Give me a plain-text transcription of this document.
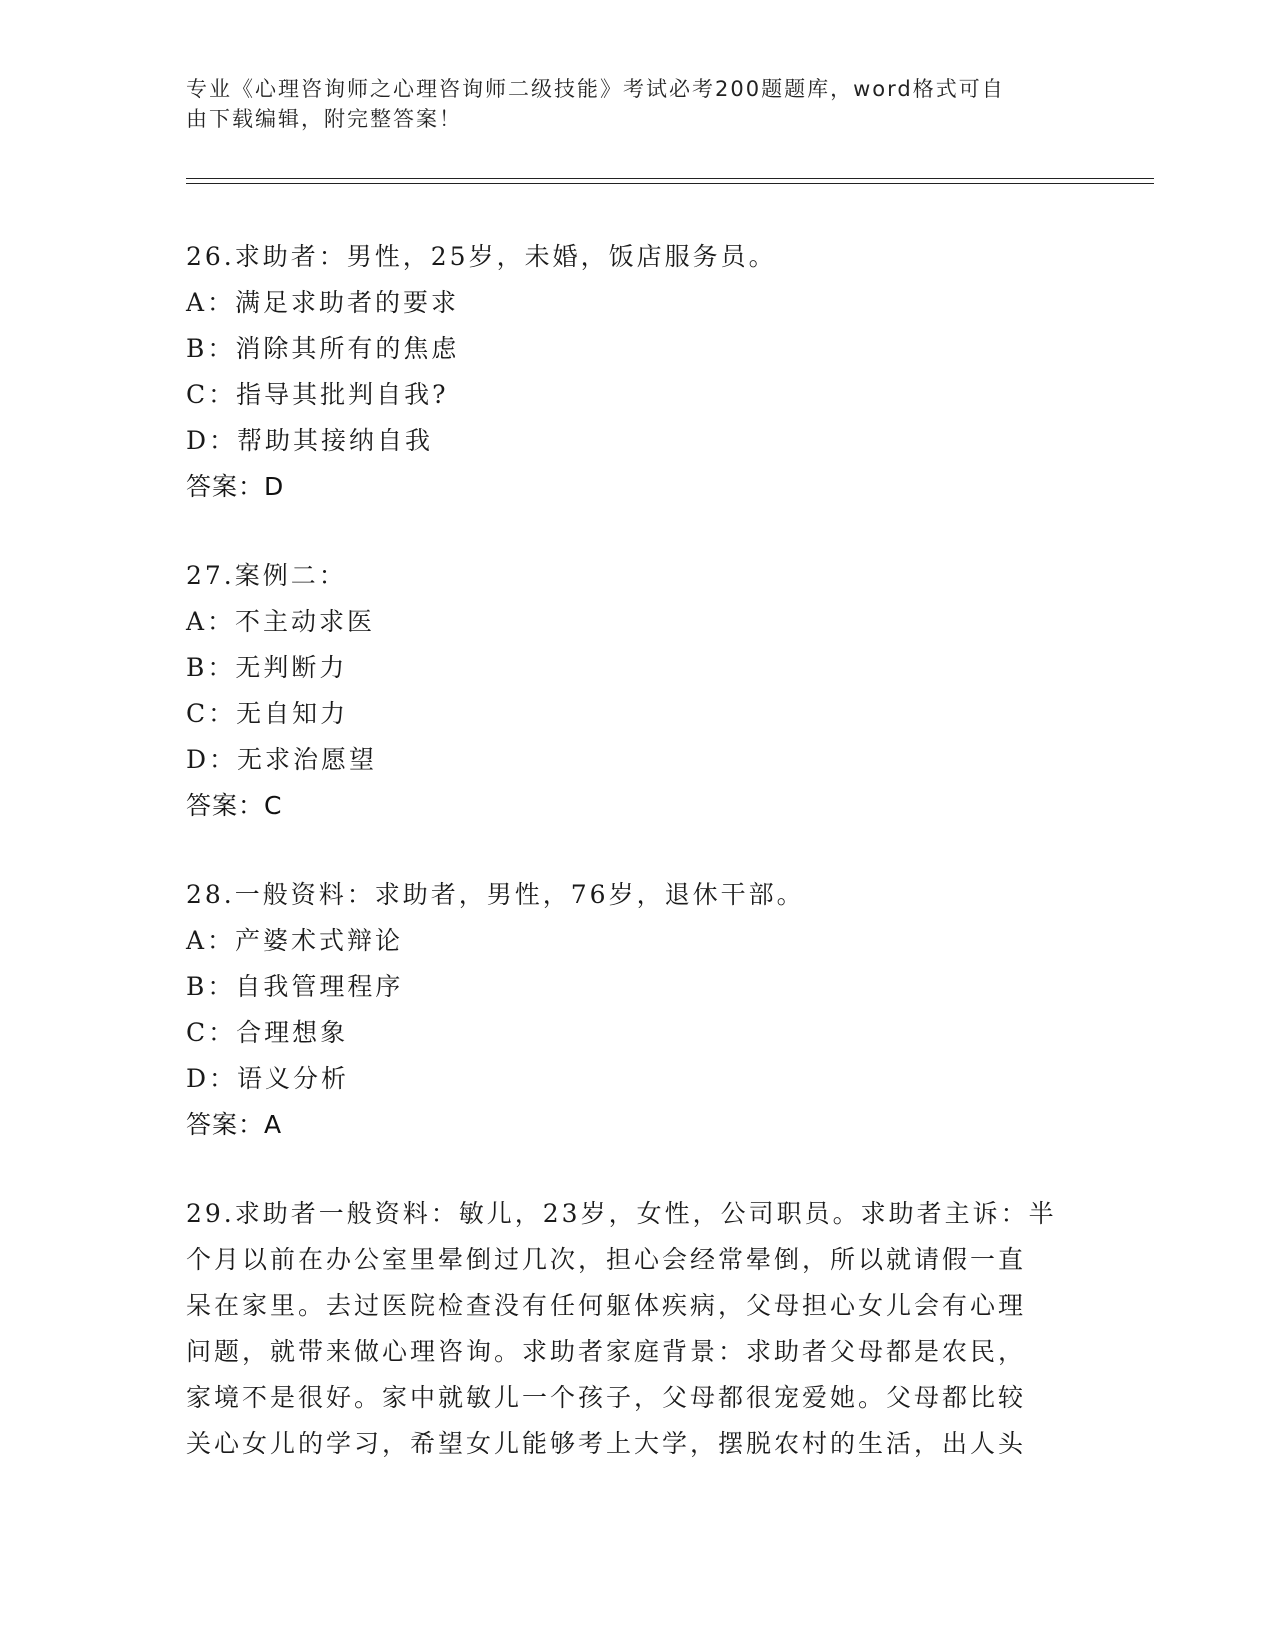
专业《心理咨询师之心理咨询师二级技能》考试必考200题题库，word格式可自
由下载编辑，附完整答案！
26.求助者：男性，25岁，未婚，饭店服务员。
A：满足求助者的要求
B：消除其所有的焦虑
C：指导其批判自我?
D：帮助其接纳自我
答案：D
27.案例二：
A：不主动求医
B：无判断力
C：无自知力
D：无求治愿望
答案：C
28.一般资料：求助者，男性，76岁，退休干部。
A：产婆术式辩论
B：自我管理程序
C：合理想象
D：语义分析
答案：A
29.求助者一般资料：敏儿，23岁，女性，公司职员。求助者主诉：半
个月以前在办公室里晕倒过几次，担心会经常晕倒，所以就请假一直
呆在家里。去过医院检查没有任何躯体疾病，父母担心女儿会有心理
问题，就带来做心理咨询。求助者家庭背景：求助者父母都是农民，
家境不是很好。家中就敏儿一个孩子，父母都很宠爱她。父母都比较
关心女儿的学习，希望女儿能够考上大学，摆脱农村的生活，出人头
